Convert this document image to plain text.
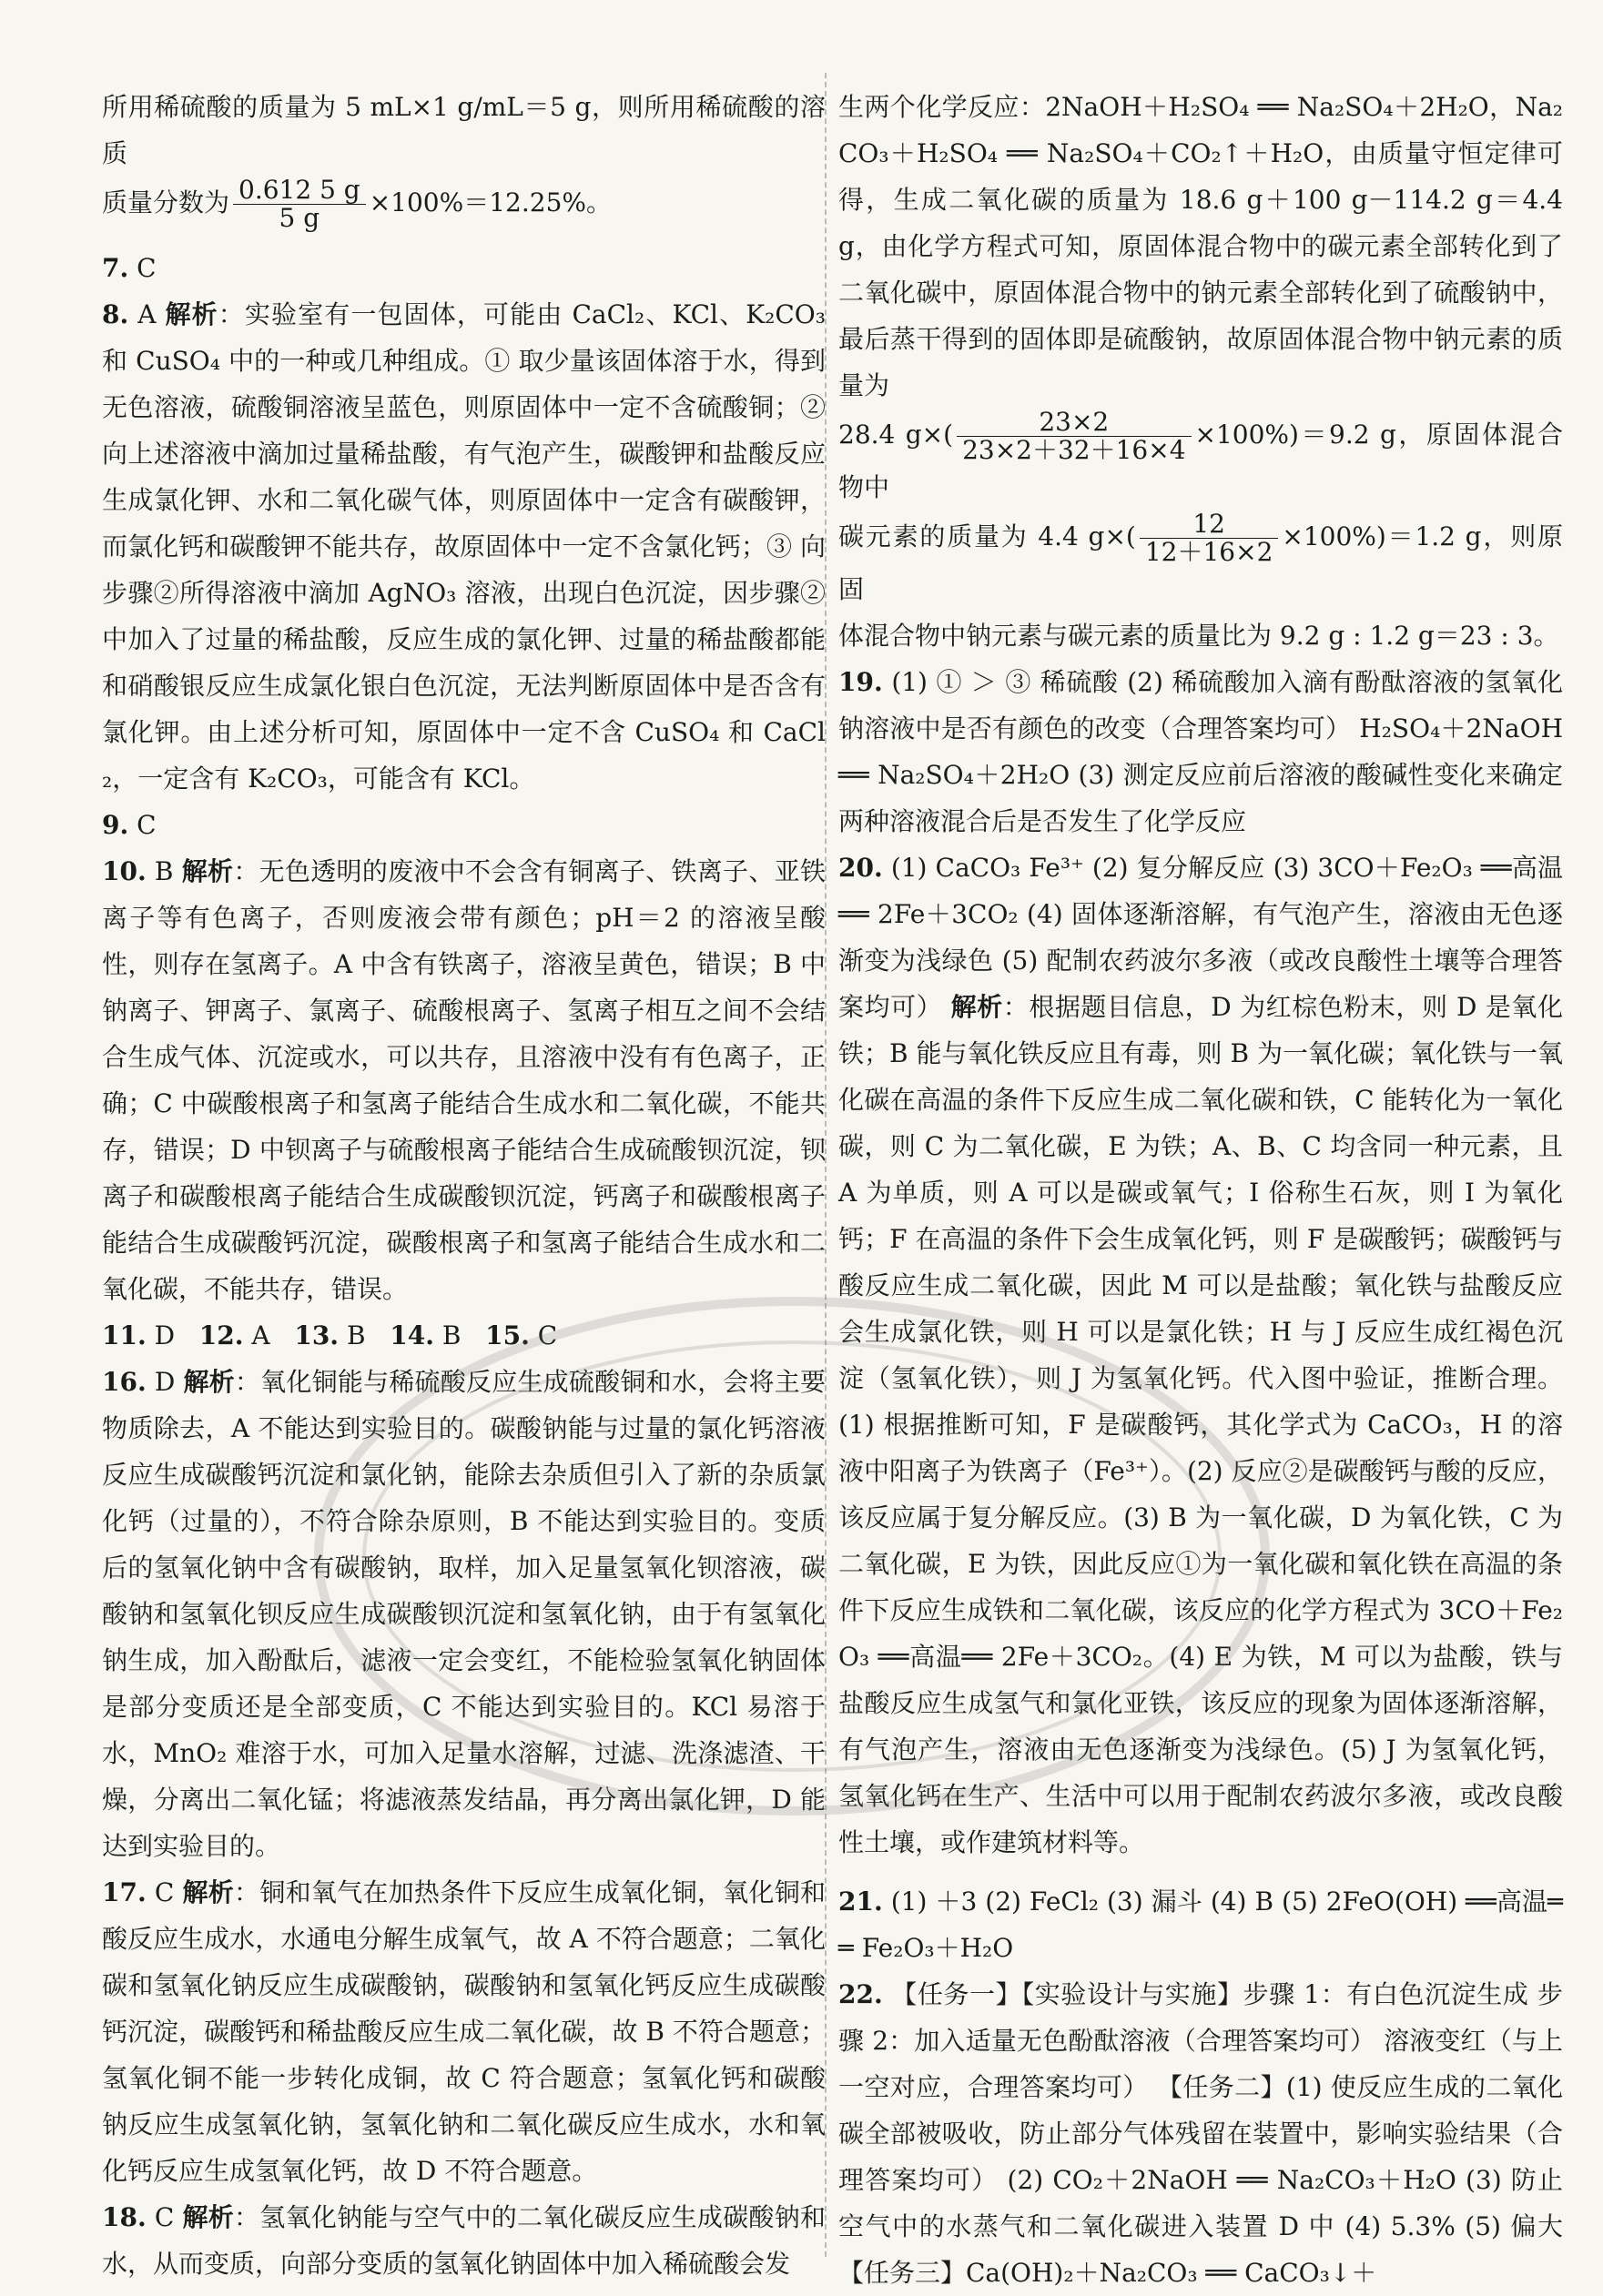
所用稀硫酸的质量为 5 mL×1 g/mL＝5 g，则所用稀硫酸的溶质

质量分数为 $\frac{0.612 5 g}{5 g} \times 100\%=12.25\%$。

7. C

8. A 解析：实验室有一包固体，可能由 CaCl₂、KCl、K₂CO₃ 和 CuSO₄ 中的一种或几种组成。① 取少量该固体溶于水，得到无色溶液，硫酸铜溶液呈蓝色，则原固体中一定不含硫酸铜；② 向上述溶液中滴加过量稀盐酸，有气泡产生，碳酸钾和盐酸反应生成氯化钾、水和二氧化碳气体，则原固体中一定含有碳酸钾，而氯化钙和碳酸钾不能共存，故原固体中一定不含氯化钙；③ 向步骤②所得溶液中滴加 AgNO₃ 溶液，出现白色沉淀，因步骤②中加入了过量的稀盐酸，反应生成的氯化钾、过量的稀盐酸都能和硝酸银反应生成氯化银白色沉淀，无法判断原固体中是否含有氯化钾。由上述分析可知，原固体中一定不含 CuSO₄ 和 CaCl₂，一定含有 K₂CO₃，可能含有 KCl。

9. C

10. B 解析：无色透明的废液中不会含有铜离子、铁离子、亚铁离子等有色离子，否则废液会带有颜色；pH＝2 的溶液呈酸性，则存在氢离子。A 中含有铁离子，溶液呈黄色，错误；B 中钠离子、钾离子、氯离子、硫酸根离子、氢离子相互之间不会结合生成气体、沉淀或水，可以共存，且溶液中没有有色离子，正确；C 中碳酸根离子和氢离子能结合生成水和二氧化碳，不能共存，错误；D 中钡离子与硫酸根离子能结合生成硫酸钡沉淀，钡离子和碳酸根离子能结合生成碳酸钡沉淀，钙离子和碳酸根离子能结合生成碳酸钙沉淀，碳酸根离子和氢离子能结合生成水和二氧化碳，不能共存，错误。

11. D 12. A 13. B 14. B 15. C

16. D 解析：氧化铜能与稀硫酸反应生成硫酸铜和水，会将主要物质除去，A 不能达到实验目的。碳酸钠能与过量的氯化钙溶液反应生成碳酸钙沉淀和氯化钠，能除去杂质但引入了新的杂质氯化钙（过量的），不符合除杂原则，B 不能达到实验目的。变质后的氢氧化钠中含有碳酸钠，取样，加入足量氢氧化钡溶液，碳酸钠和氢氧化钡反应生成碳酸钡沉淀和氢氧化钠，由于有氢氧化钠生成，加入酚酞后，滤液一定会变红，不能检验氢氧化钠固体是部分变质还是全部变质，C 不能达到实验目的。KCl 易溶于水，MnO₂ 难溶于水，可加入足量水溶解，过滤、洗涤滤渣、干燥，分离出二氧化锰；将滤液蒸发结晶，再分离出氯化钾，D 能达到实验目的。

17. C 解析：铜和氧气在加热条件下反应生成氧化铜，氧化铜和酸反应生成水，水通电分解生成氧气，故 A 不符合题意；二氧化碳和氢氧化钠反应生成碳酸钠，碳酸钠和氢氧化钙反应生成碳酸钙沉淀，碳酸钙和稀盐酸反应生成二氧化碳，故 B 不符合题意；氢氧化铜不能一步转化成铜，故 C 符合题意；氢氧化钙和碳酸钠反应生成氢氧化钠，氢氧化钠和二氧化碳反应生成水，水和氧化钙反应生成氢氧化钙，故 D 不符合题意。

18. C 解析：氢氧化钠能与空气中的二氧化碳反应生成碳酸钠和水，从而变质，向部分变质的氢氧化钠固体中加入稀硫酸会发

生两个化学反应：2NaOH＋H₂SO₄ ══ Na₂SO₄＋2H₂O，Na₂CO₃＋H₂SO₄ ══ Na₂SO₄＋CO₂↑＋H₂O，由质量守恒定律可得，生成二氧化碳的质量为 18.6 g＋100 g－114.2 g＝4.4 g，由化学方程式可知，原固体混合物中的碳元素全部转化到了二氧化碳中，原固体混合物中的钠元素全部转化到了硫酸钠中，最后蒸干得到的固体即是硫酸钠，故原固体混合物中钠元素的质量为

28.4 $g\times( \frac{23\times 2}{23\times 2+32+16\times 4} \times 100\%)=9.2$ g，原固体混合物中

碳元素的质量为 4.4 $g\times( \frac{12}{12+16\times 2} \times 100\%)=1.2$ g，则原固

体混合物中钠元素与碳元素的质量比为 9.2 g : 1.2 g＝23 : 3。

19. (1) ① ＞ ③ 稀硫酸 (2) 稀硫酸加入滴有酚酞溶液的氢氧化钠溶液中是否有颜色的改变（合理答案均可） H₂SO₄＋2NaOH ══ Na₂SO₄＋2H₂O (3) 测定反应前后溶液的酸碱性变化来确定两种溶液混合后是否发生了化学反应

20. (1) CaCO₃ Fe³⁺ (2) 复分解反应 (3) 3CO＋Fe₂O₃ ══高温══ 2Fe＋3CO₂ (4) 固体逐渐溶解，有气泡产生，溶液由无色逐渐变为浅绿色 (5) 配制农药波尔多液（或改良酸性土壤等合理答案均可） 解析：根据题目信息，D 为红棕色粉末，则 D 是氧化铁；B 能与氧化铁反应且有毒，则 B 为一氧化碳；氧化铁与一氧化碳在高温的条件下反应生成二氧化碳和铁，C 能转化为一氧化碳，则 C 为二氧化碳，E 为铁；A、B、C 均含同一种元素，且 A 为单质，则 A 可以是碳或氧气；I 俗称生石灰，则 I 为氧化钙；F 在高温的条件下会生成氧化钙，则 F 是碳酸钙；碳酸钙与酸反应生成二氧化碳，因此 M 可以是盐酸；氧化铁与盐酸反应会生成氯化铁，则 H 可以是氯化铁；H 与 J 反应生成红褐色沉淀（氢氧化铁），则 J 为氢氧化钙。代入图中验证，推断合理。(1) 根据推断可知，F 是碳酸钙，其化学式为 CaCO₃，H 的溶液中阳离子为铁离子（Fe³⁺）。(2) 反应②是碳酸钙与酸的反应，该反应属于复分解反应。(3) B 为一氧化碳，D 为氧化铁，C 为二氧化碳，E 为铁，因此反应①为一氧化碳和氧化铁在高温的条件下反应生成铁和二氧化碳，该反应的化学方程式为 3CO＋Fe₂O₃ ══高温══ 2Fe＋3CO₂。(4) E 为铁，M 可以为盐酸，铁与盐酸反应生成氢气和氯化亚铁，该反应的现象为固体逐渐溶解，有气泡产生，溶液由无色逐渐变为浅绿色。(5) J 为氢氧化钙，氢氧化钙在生产、生活中可以用于配制农药波尔多液，或改良酸性土壤，或作建筑材料等。

21. (1) ＋3 (2) FeCl₂ (3) 漏斗 (4) B (5) 2FeO(OH) ══高温══ Fe₂O₃＋H₂O

22. 【任务一】【实验设计与实施】步骤 1：有白色沉淀生成 步骤 2：加入适量无色酚酞溶液（合理答案均可） 溶液变红（与上一空对应，合理答案均可） 【任务二】(1) 使反应生成的二氧化碳全部被吸收，防止部分气体残留在装置中，影响实验结果（合理答案均可） (2) CO₂＋2NaOH ══ Na₂CO₃＋H₂O (3) 防止空气中的水蒸气和二氧化碳进入装置 D 中 (4) 5.3% (5) 偏大 【任务三】Ca(OH)₂＋Na₂CO₃ ══ CaCO₃↓＋
